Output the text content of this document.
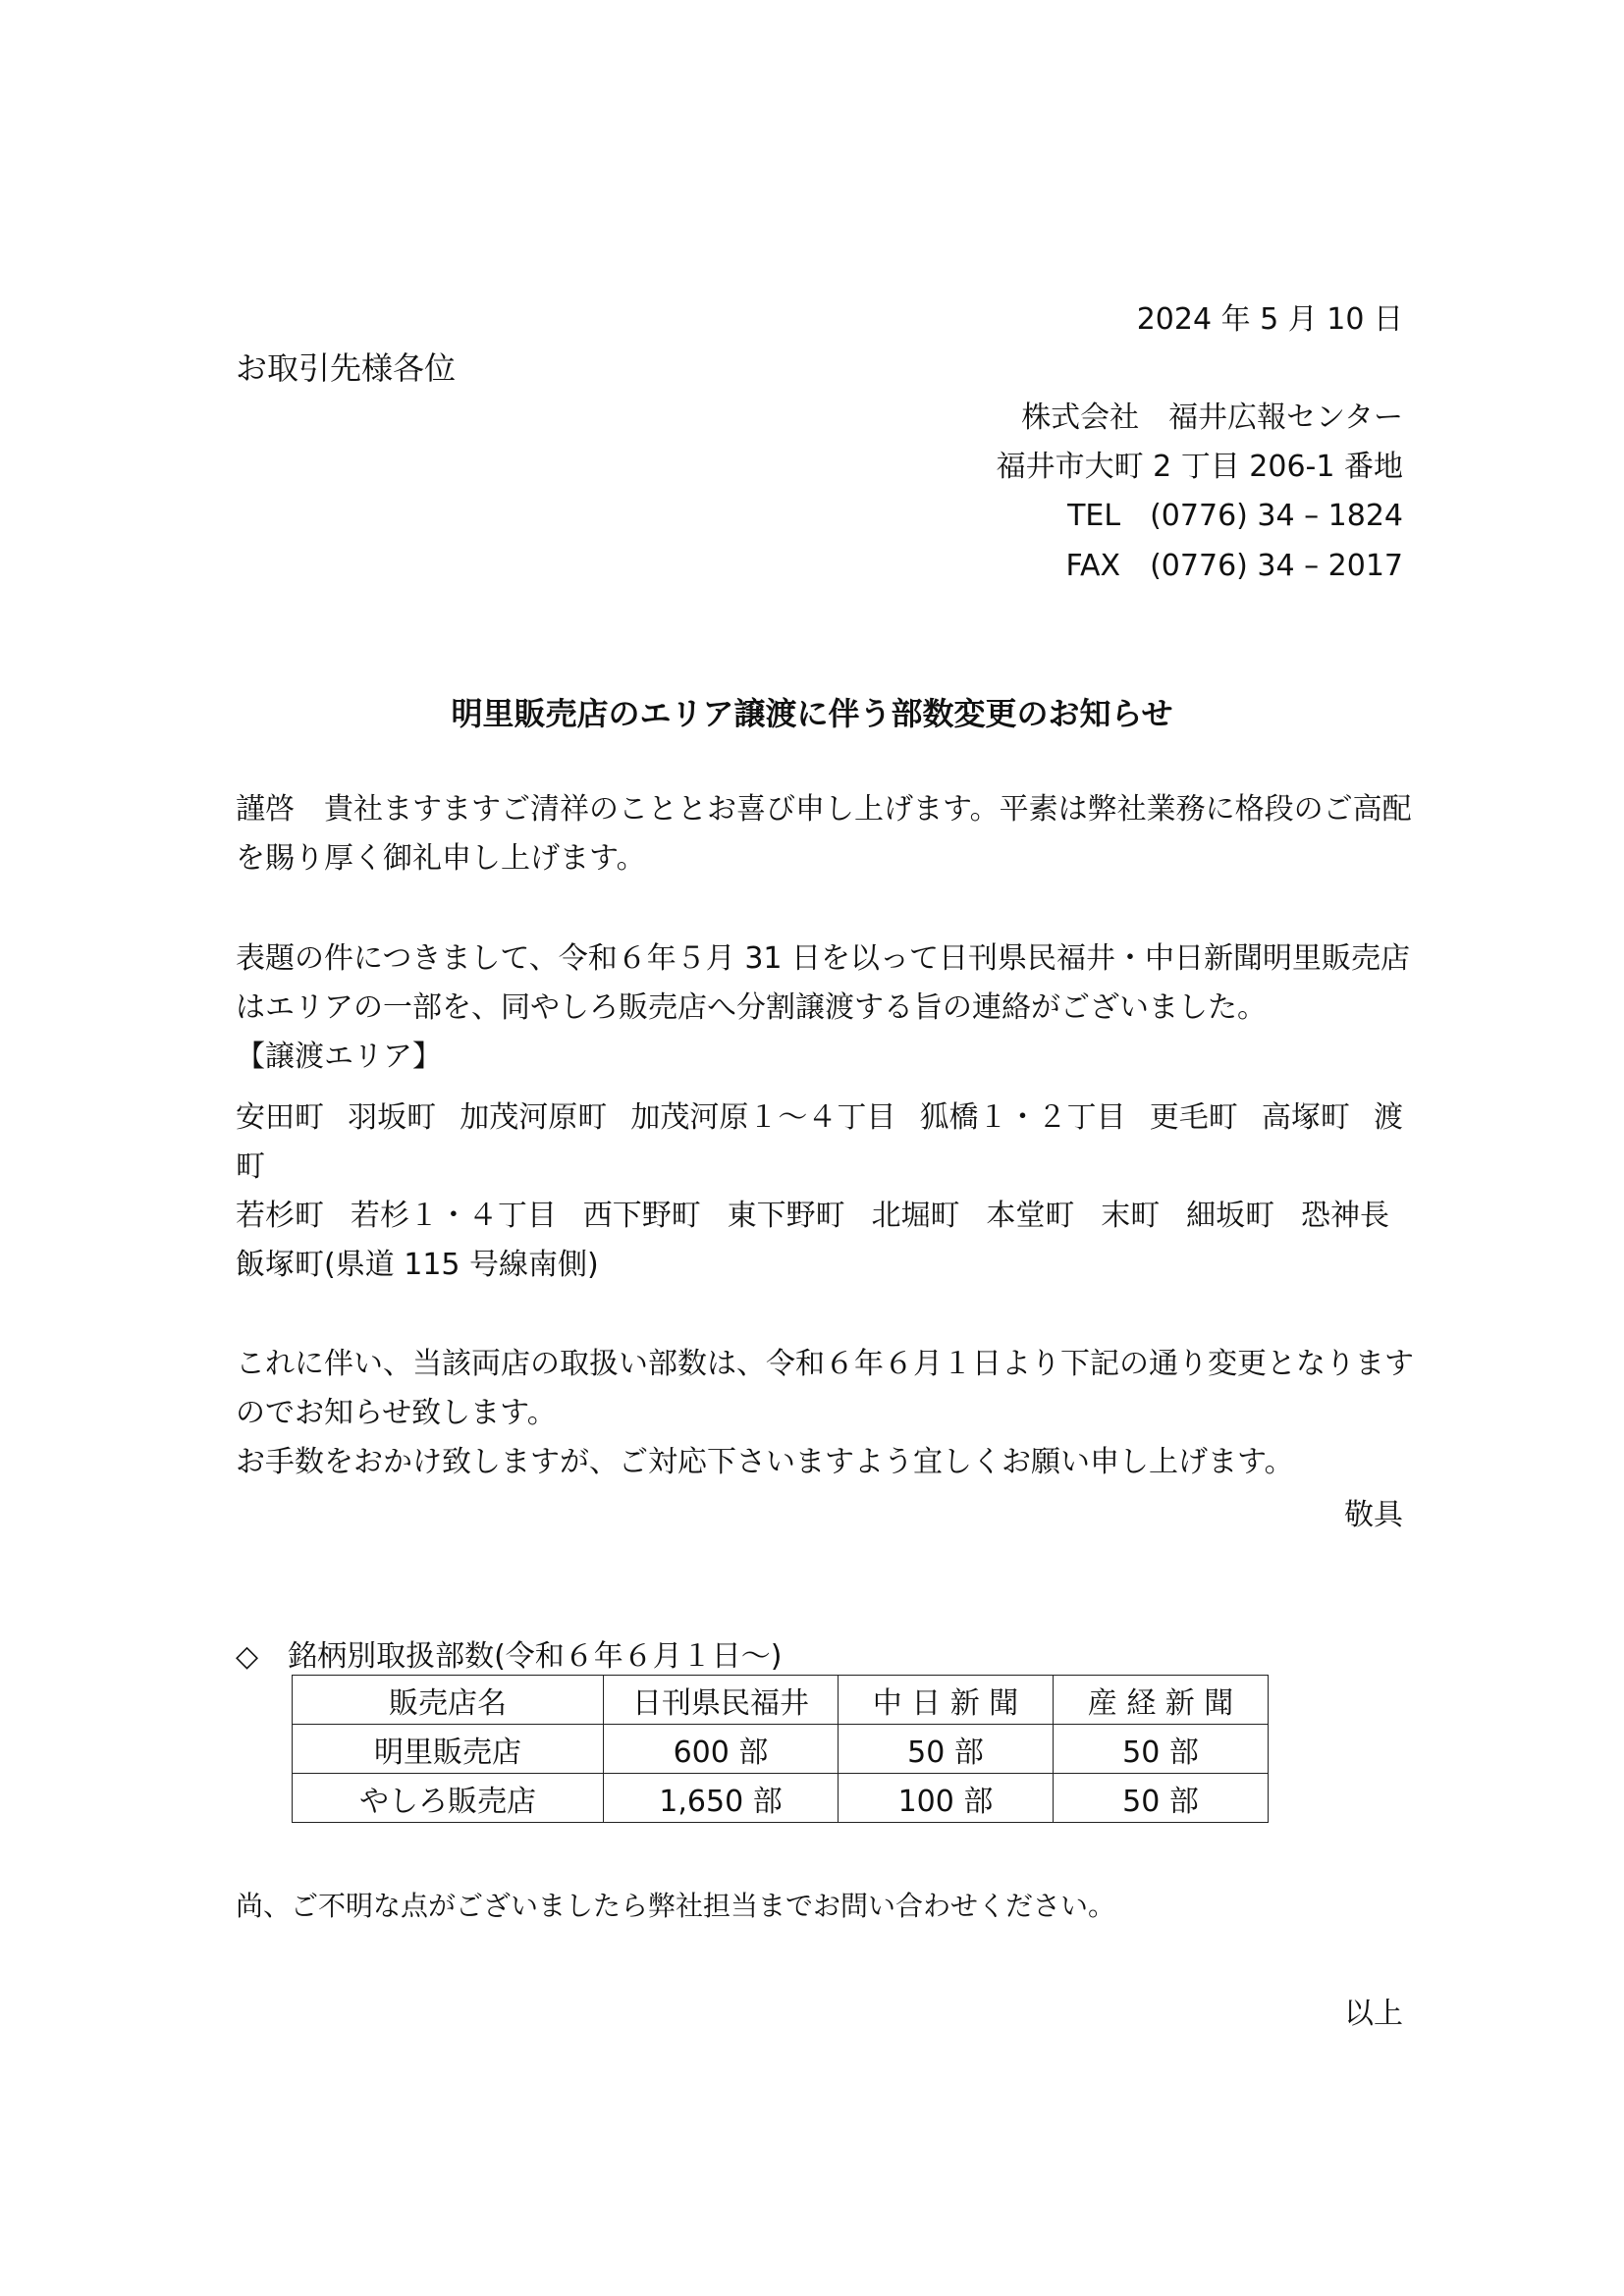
2024 年 5 月 10 日
お取引先様各位
株式会社　福井広報センター
福井市大町 2 丁目 206-1 番地
TEL　(0776) 34 – 1824
FAX　(0776) 34 – 2017
明里販売店のエリア譲渡に伴う部数変更のお知らせ
謹啓　貴社ますますご清祥のこととお喜び申し上げます。平素は弊社業務に格段のご高配
を賜り厚く御礼申し上げます。
表題の件につきまして、令和６年５月 31 日を以って日刊県民福井・中日新聞明里販売店
はエリアの一部を、同やしろ販売店へ分割譲渡する旨の連絡がございました。
【譲渡エリア】
安田町 羽坂町 加茂河原町 加茂河原１～４丁目 狐橋１・２丁目 更毛町 高塚町 渡
町
若杉町 若杉１・４丁目 西下野町 東下野町 北堀町 本堂町 末町 細坂町 恐神長
飯塚町(県道 115 号線南側)
これに伴い、当該両店の取扱い部数は、令和６年６月１日より下記の通り変更となります
のでお知らせ致します。
お手数をおかけ致しますが、ご対応下さいますよう宜しくお願い申し上げます。
敬具
◇　銘柄別取扱部数(令和６年６月１日～)
販売店名	日刊県民福井	中 日 新 聞	産 経 新 聞
明里販売店	600 部	50 部	50 部
やしろ販売店	1,650 部	100 部	50 部
尚、ご不明な点がございましたら弊社担当までお問い合わせください。
以上
